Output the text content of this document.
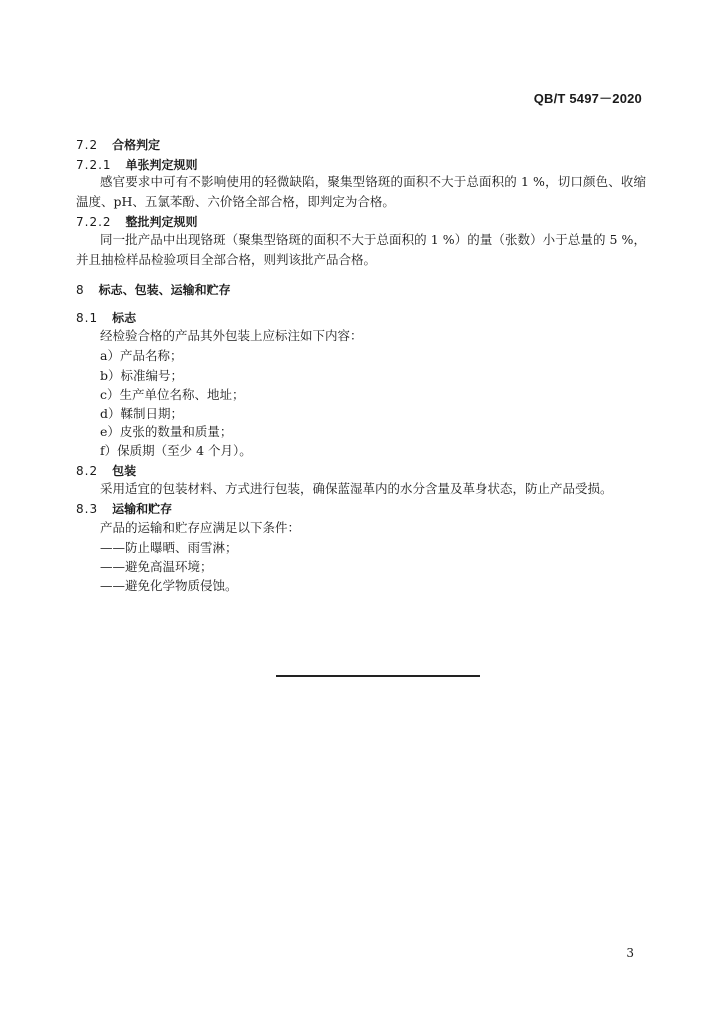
QB/T 5497－2020
7.2 合格判定
7.2.1 单张判定规则
感官要求中可有不影响使用的轻微缺陷，聚集型铬斑的面积不大于总面积的 1 %，切口颜色、收缩温度、pH、五氯苯酚、六价铬全部合格，即判定为合格。
7.2.2 整批判定规则
同一批产品中出现铬斑（聚集型铬斑的面积不大于总面积的 1 %）的量（张数）小于总量的 5 %，并且抽检样品检验项目全部合格，则判该批产品合格。
8 标志、包装、运输和贮存
8.1 标志
经检验合格的产品其外包装上应标注如下内容：
a）产品名称；
b）标准编号；
c）生产单位名称、地址；
d）鞣制日期；
e）皮张的数量和质量；
f）保质期（至少 4 个月）。
8.2 包装
采用适宜的包装材料、方式进行包装，确保蓝湿革内的水分含量及革身状态，防止产品受损。
8.3 运输和贮存
产品的运输和贮存应满足以下条件：
——防止曝晒、雨雪淋；
——避免高温环境；
——避免化学物质侵蚀。
3
